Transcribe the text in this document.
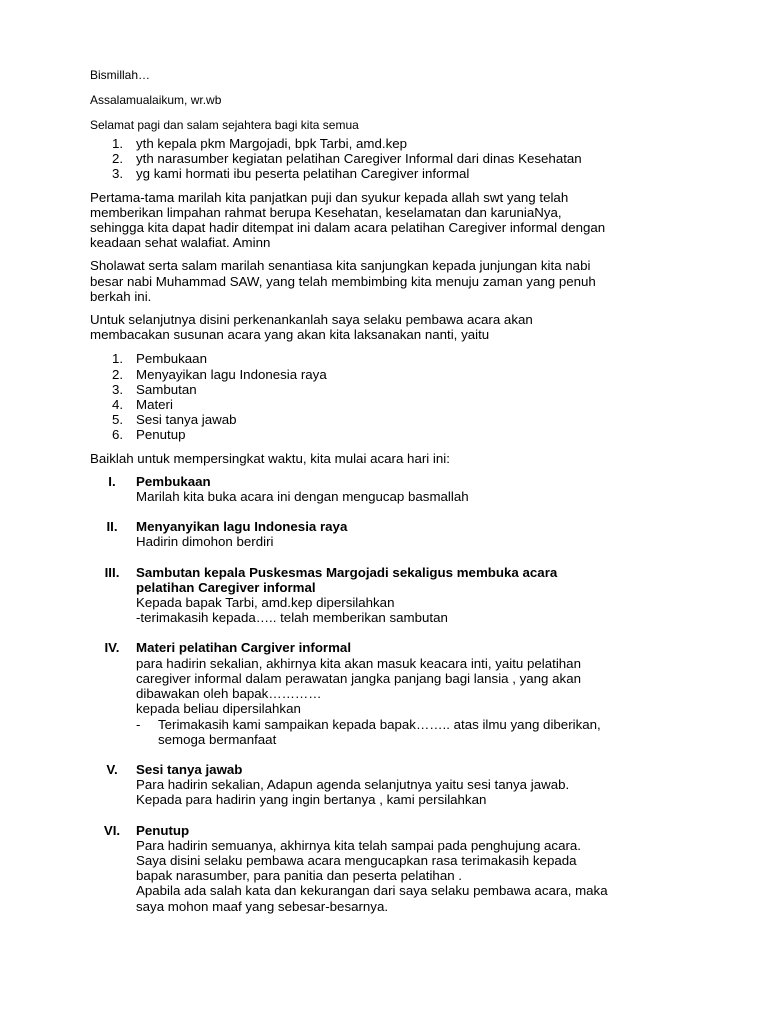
Bismillah…
Assalamualaikum, wr.wb
Selamat pagi dan salam sejahtera bagi kita semua
1. yth kepala pkm Margojadi, bpk Tarbi, amd.kep
2. yth narasumber kegiatan pelatihan Caregiver Informal dari dinas Kesehatan
3. yg kami hormati ibu peserta pelatihan Caregiver informal
Pertama-tama marilah kita panjatkan puji dan syukur kepada allah swt yang telah
memberikan limpahan rahmat berupa Kesehatan, keselamatan dan karuniaNya,
sehingga kita dapat hadir ditempat ini dalam acara pelatihan Caregiver informal dengan
keadaan sehat walafiat. Aminn
Sholawat serta salam marilah senantiasa kita sanjungkan kepada junjungan kita nabi
besar nabi Muhammad SAW, yang telah membimbing kita menuju zaman yang penuh
berkah ini.
Untuk selanjutnya disini perkenankanlah saya selaku pembawa acara akan
membacakan susunan acara yang akan kita laksanakan nanti, yaitu
1. Pembukaan
2. Menyayikan lagu Indonesia raya
3. Sambutan
4. Materi
5. Sesi tanya jawab
6. Penutup
Baiklah untuk mempersingkat waktu, kita mulai acara hari ini:
I.	Pembukaan
Marilah kita buka acara ini dengan mengucap basmallah
II.	Menyanyikan lagu Indonesia raya
Hadirin dimohon berdiri
III.	Sambutan kepala Puskesmas Margojadi sekaligus membuka acara
pelatihan Caregiver informal
Kepada bapak Tarbi, amd.kep dipersilahkan
-terimakasih kepada….. telah memberikan sambutan
IV.	Materi pelatihan Cargiver informal
para hadirin sekalian, akhirnya kita akan masuk keacara inti, yaitu pelatihan
caregiver informal dalam perawatan jangka panjang bagi lansia , yang akan
dibawakan oleh bapak…………
kepada beliau dipersilahkan
- Terimakasih kami sampaikan kepada bapak…….. atas ilmu yang diberikan,
semoga bermanfaat
V.	Sesi tanya jawab
Para hadirin sekalian, Adapun agenda selanjutnya yaitu sesi tanya jawab.
Kepada para hadirin yang ingin bertanya , kami persilahkan
VI.	Penutup
Para hadirin semuanya, akhirnya kita telah sampai pada penghujung acara.
Saya disini selaku pembawa acara mengucapkan rasa terimakasih kepada
bapak narasumber, para panitia dan peserta pelatihan .
Apabila ada salah kata dan kekurangan dari saya selaku pembawa acara, maka
saya mohon maaf yang sebesar-besarnya.
